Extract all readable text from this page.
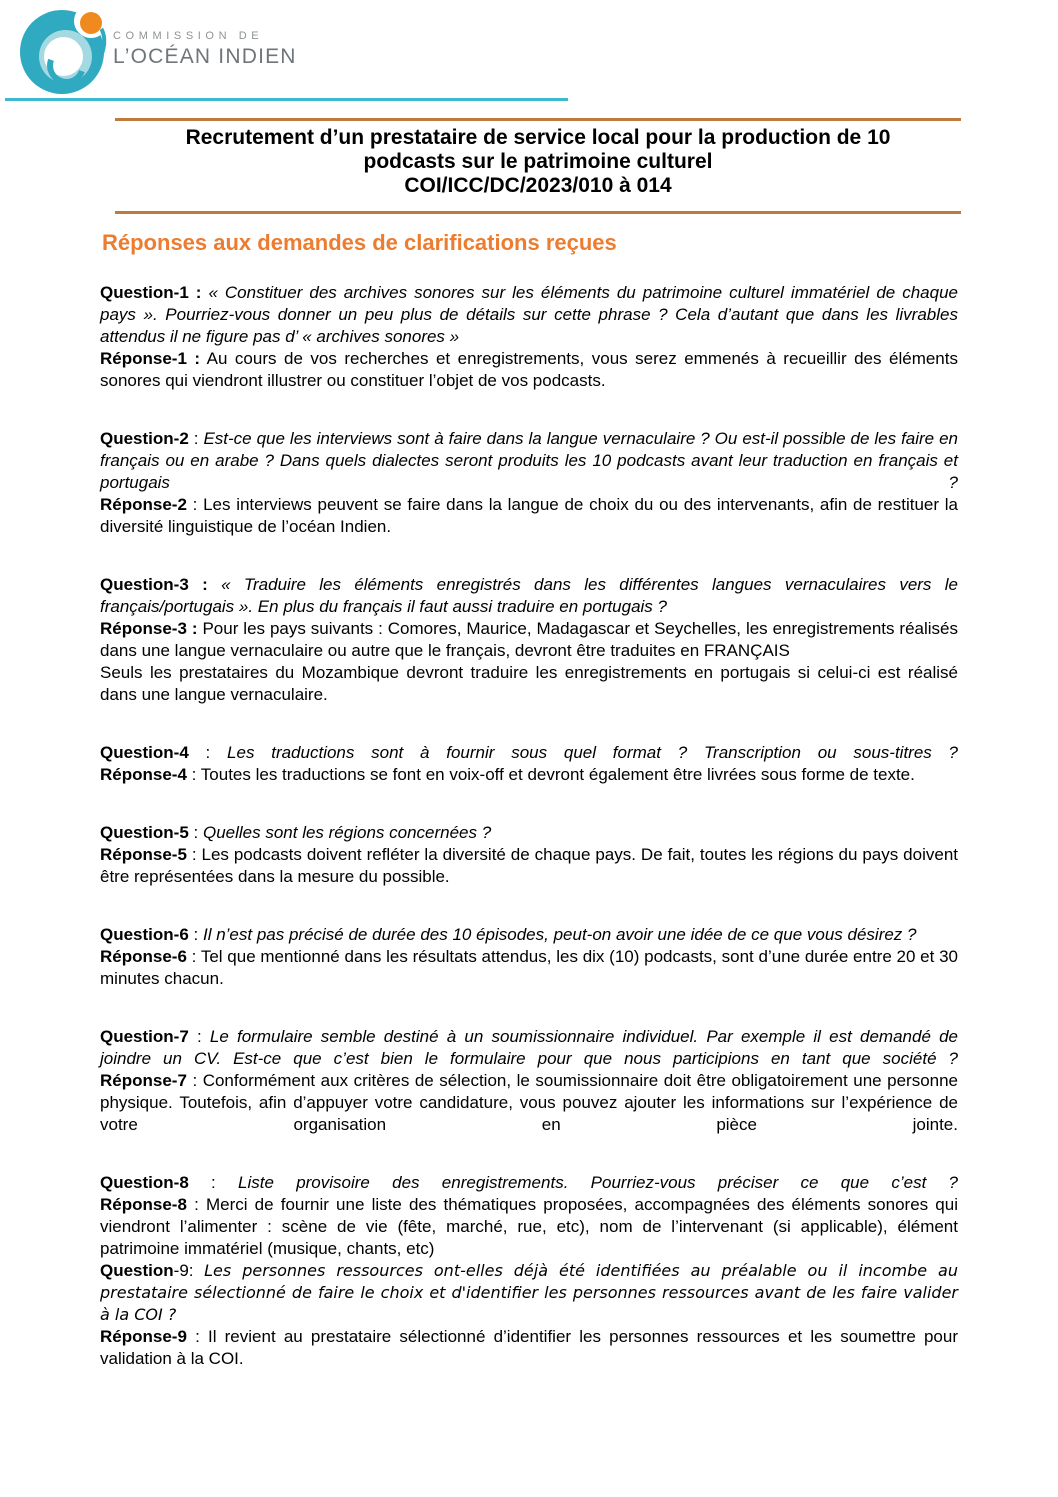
COMMISSION DE
L’OCÉAN INDIEN
Recrutement d’un prestataire de service local pour la production de 10
podcasts sur le patrimoine culturel
COI/ICC/DC/2023/010 à 014
Réponses aux demandes de clarifications reçues
Question-1 : « Constituer des archives sonores sur les éléments du patrimoine culturel immatériel de chaque pays ». Pourriez-vous donner un peu plus de détails sur cette phrase ? Cela d’autant que dans les livrables attendus il ne figure pas d’ « archives sonores »
Réponse-1 : Au cours de vos recherches et enregistrements, vous serez emmenés à recueillir des éléments sonores qui viendront illustrer ou constituer l’objet de vos podcasts.
Question-2 : Est-ce que les interviews sont à faire dans la langue vernaculaire ? Ou est-il possible de les faire en français ou en arabe ? Dans quels dialectes seront produits les 10 podcasts avant leur traduction en français et portugais ?
Réponse-2 : Les interviews peuvent se faire dans la langue de choix du ou des intervenants, afin de restituer la diversité linguistique de l’océan Indien.
Question-3 : « Traduire les éléments enregistrés dans les différentes langues vernaculaires vers le français/portugais ». En plus du français il faut aussi traduire en portugais ?
Réponse-3 : Pour les pays suivants : Comores, Maurice, Madagascar et Seychelles, les enregistrements réalisés dans une langue vernaculaire ou autre que le français, devront être traduites en FRANÇAIS
Seuls les prestataires du Mozambique devront traduire les enregistrements en portugais si celui-ci est réalisé dans une langue vernaculaire.
Question-4 : Les traductions sont à fournir sous quel format ? Transcription ou sous-titres ?
Réponse-4 : Toutes les traductions se font en voix-off et devront également être livrées sous forme de texte.
Question-5 : Quelles sont les régions concernées ?
Réponse-5 : Les podcasts doivent refléter la diversité de chaque pays. De fait, toutes les régions du pays doivent être représentées dans la mesure du possible.
Question-6 : Il n’est pas précisé de durée des 10 épisodes, peut-on avoir une idée de ce que vous désirez ?
Réponse-6 : Tel que mentionné dans les résultats attendus, les dix (10) podcasts, sont d’une durée entre 20 et 30 minutes chacun.
Question-7 : Le formulaire semble destiné à un soumissionnaire individuel. Par exemple il est demandé de joindre un CV. Est-ce que c’est bien le formulaire pour que nous participions en tant que société ?
Réponse-7 : Conformément aux critères de sélection, le soumissionnaire doit être obligatoirement une personne physique. Toutefois, afin d’appuyer votre candidature, vous pouvez ajouter les informations sur l’expérience de votre organisation en pièce jointe.
Question-8 : Liste provisoire des enregistrements. Pourriez-vous préciser ce que c’est ?
Réponse-8 : Merci de fournir une liste des thématiques proposées, accompagnées des éléments sonores qui viendront l’alimenter : scène de vie (fête, marché, rue, etc), nom de l’intervenant (si applicable), élément patrimoine immatériel (musique, chants, etc)
Question-9: Les personnes ressources ont-elles déjà été identifiées au préalable ou il incombe au prestataire sélectionné de faire le choix et d'identifier les personnes ressources avant de les faire valider à la COI ?
Réponse-9 : Il revient au prestataire sélectionné d’identifier les personnes ressources et les soumettre pour validation à la COI.
